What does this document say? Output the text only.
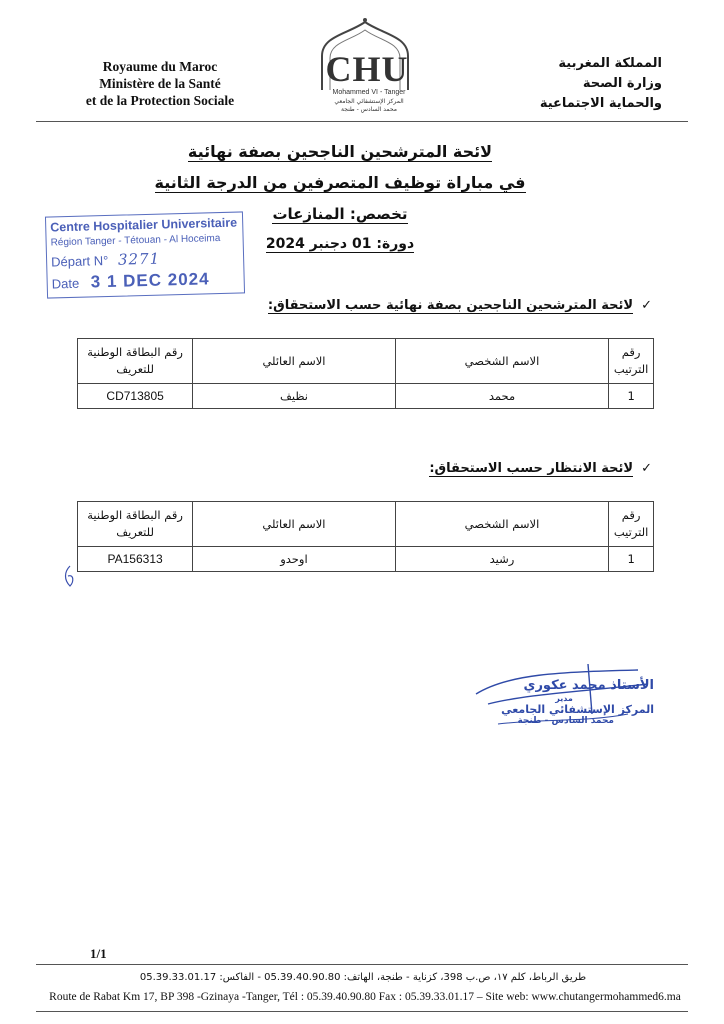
Royaume du Maroc
Ministère de la Santé
et de la Protection Sociale
CHU
Mohammed VI - Tanger
المركز الإستشفائي الجامعي
محمد السادس - طنجة
المملكة المغربية
وزارة الصحة
والحماية الاجتماعية
لائحة المترشحين الناجحين بصفة نهائية
في مباراة توظيف المتصرفين من الدرجة الثانية
تخصص: المنازعات
دورة: 01 دجنبر 2024
Centre Hospitalier Universitaire
Région Tanger - Tétouan - Al Hoceima
Départ N° 3271
Date 3 1 DEC 2024
✓لائحة المترشحين الناجحين بصفة نهائية حسب الاستحقاق:
رقم الترتيب	الاسم الشخصي	الاسم العائلي	رقم البطاقة الوطنية للتعريف
1	محمد	نظيف	CD713805
✓لائحة الانتظار حسب الاستحقاق:
رقم الترتيب	الاسم الشخصي	الاسم العائلي	رقم البطاقة الوطنية للتعريف
1	رشيد	اوحدو	PA156313
الأستاذ محمد عكوري
مدير
المركز الإستشفائي الجامعي
محمد السادس - طنجة
1/1
طريق الرباط، كلم ١٧، ص.ب 398، كزناية - طنجة، الهاتف: 05.39.40.90.80 - الفاكس: 05.39.33.01.17
Route de Rabat Km 17, BP 398 -Gzinaya -Tanger, Tél : 05.39.40.90.80 Fax : 05.39.33.01.17 – Site web: www.chutangermohammed6.ma
